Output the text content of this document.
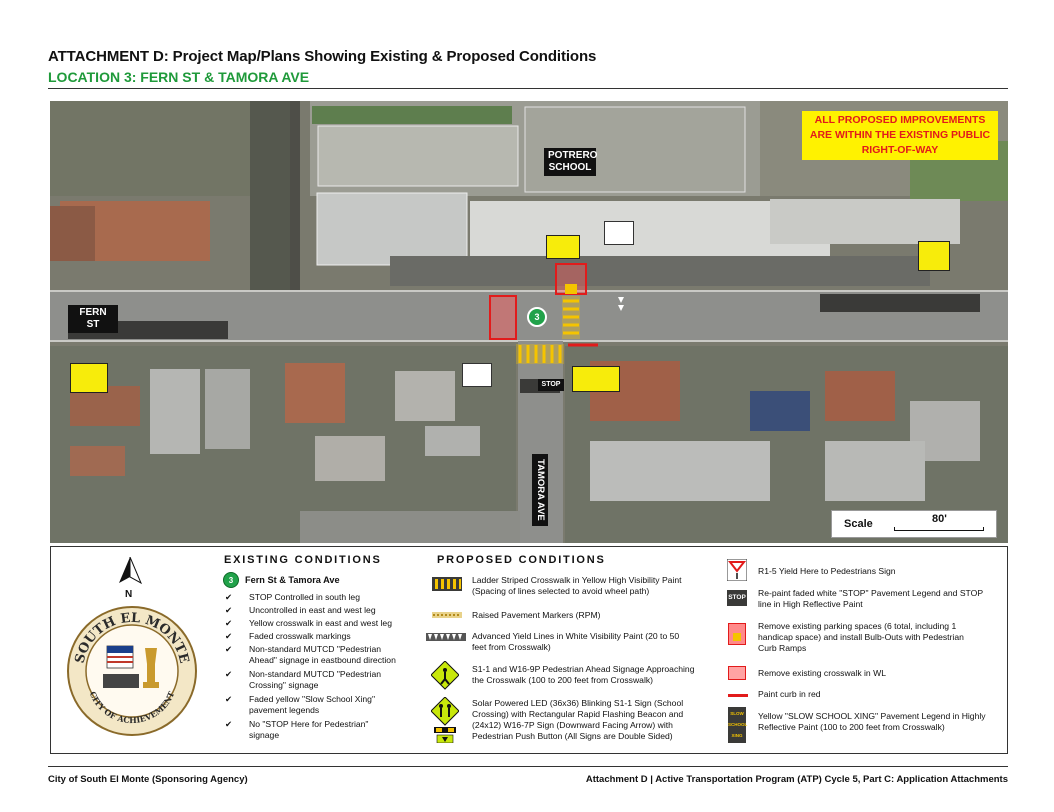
ATTACHMENT D: Project Map/Plans Showing Existing & Proposed Conditions
LOCATION 3: FERN ST & TAMORA AVE
POTRERO
SCHOOL
FERN ST
TAMORA AVE
ALL PROPOSED IMPROVEMENTS
ARE WITHIN THE EXISTING PUBLIC
RIGHT-OF-WAY
3
STOP
Scale	80'
N
SOUTH EL MONTE
CITY OF ACHIEVEMENT
EXISTING CONDITIONS
3	Fern St & Tamora Ave
✔ STOP Controlled in south leg
✔ Uncontrolled in east and west leg
✔ Yellow crosswalk in east and west leg
✔ Faded crosswalk markings
✔ Non-standard MUTCD "Pedestrian
Ahead" signage in eastbound direction
✔ Non-standard MUTCD "Pedestrian
Crossing" signage
✔ Faded yellow "Slow School Xing"
pavement legends
✔ No "STOP Here for Pedestrian"
signage
PROPOSED CONDITIONS
Ladder Striped Crosswalk in Yellow High Visibility Paint
(Spacing of lines selected to avoid wheel path)
Raised Pavement Markers (RPM)
Advanced Yield Lines in White Visibility Paint (20 to 50
feet from Crosswalk)
S1-1 and W16-9P Pedestrian Ahead Signage Approaching
the Crosswalk (100 to 200 feet from Crosswalk)
Solar Powered LED (36x36) Blinking S1-1 Sign (School
Crossing) with Rectangular Rapid Flashing Beacon and
(24x12) W16-7P Sign (Downward Facing Arrow) with
Pedestrian Push Button (All Signs are Double Sided)
R1-5 Yield Here to Pedestrians Sign
STOP Re-paint faded white "STOP" Pavement Legend and STOP
line in High Reflective Paint
Remove existing parking spaces (6 total, including 1
handicap space) and install Bulb-Outs with Pedestrian
Curb Ramps
Remove existing crosswalk in WL
Paint curb in red
SLOW
SCHOOL
XING
Yellow "SLOW SCHOOL XING" Pavement Legend in Highly
Reflective Paint (100 to 200 feet from Crosswalk)
City of South El Monte (Sponsoring Agency)	Attachment D | Active Transportation Program (ATP) Cycle 5, Part C: Application Attachments
